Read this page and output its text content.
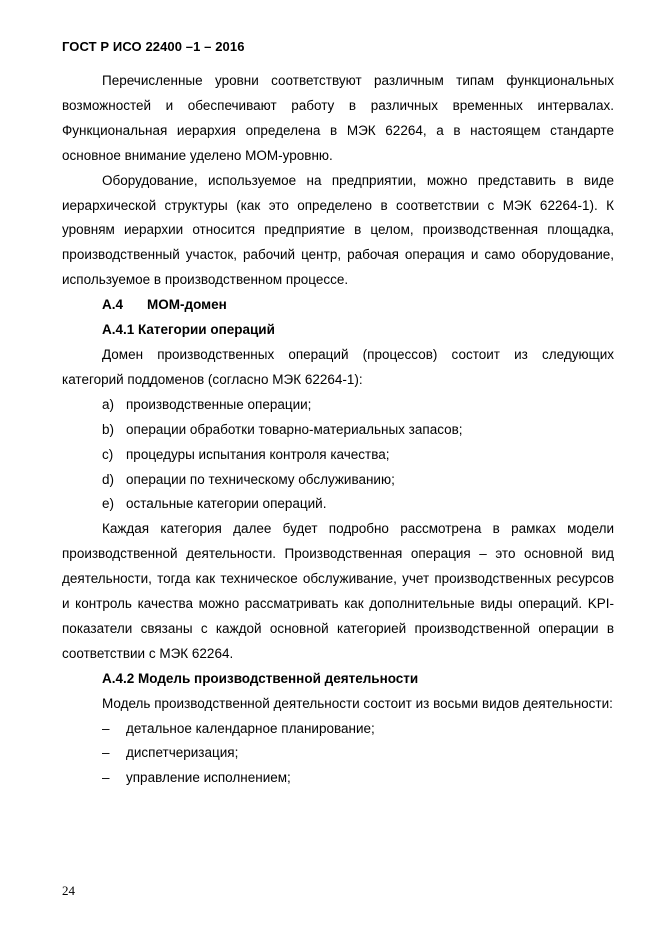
ГОСТ Р ИСО 22400 –1 – 2016

Перечисленные уровни соответствуют различным типам функциональных возможностей и обеспечивают работу в различных временных интервалах. Функциональная иерархия определена в МЭК 62264, а в настоящем стандарте основное внимание уделено МОМ-уровню.

Оборудование, используемое на предприятии, можно представить в виде иерархической структуры (как это определено в соответствии с МЭК 62264-1). К уровням иерархии относится предприятие в целом, производственная площадка, производственный участок, рабочий центр, рабочая операция и само оборудование, используемое в производственном процессе.

А.4 МОМ-домен
А.4.1 Категории операций

Домен производственных операций (процессов) состоит из следующих категорий поддоменов (согласно МЭК 62264-1):

a) производственные операции;
b) операции обработки товарно-материальных запасов;
c) процедуры испытания контроля качества;
d) операции по техническому обслуживанию;
e) остальные категории операций.

Каждая категория далее будет подробно рассмотрена в рамках модели производственной деятельности. Производственная операция – это основной вид деятельности, тогда как техническое обслуживание, учет производственных ресурсов и контроль качества можно рассматривать как дополнительные виды операций. KPI-показатели связаны с каждой основной категорией производственной операции в соответствии с МЭК 62264.

А.4.2 Модель производственной деятельности

Модель производственной деятельности состоит из восьми видов деятельности:

– детальное календарное планирование;
– диспетчеризация;
– управление исполнением;
24
